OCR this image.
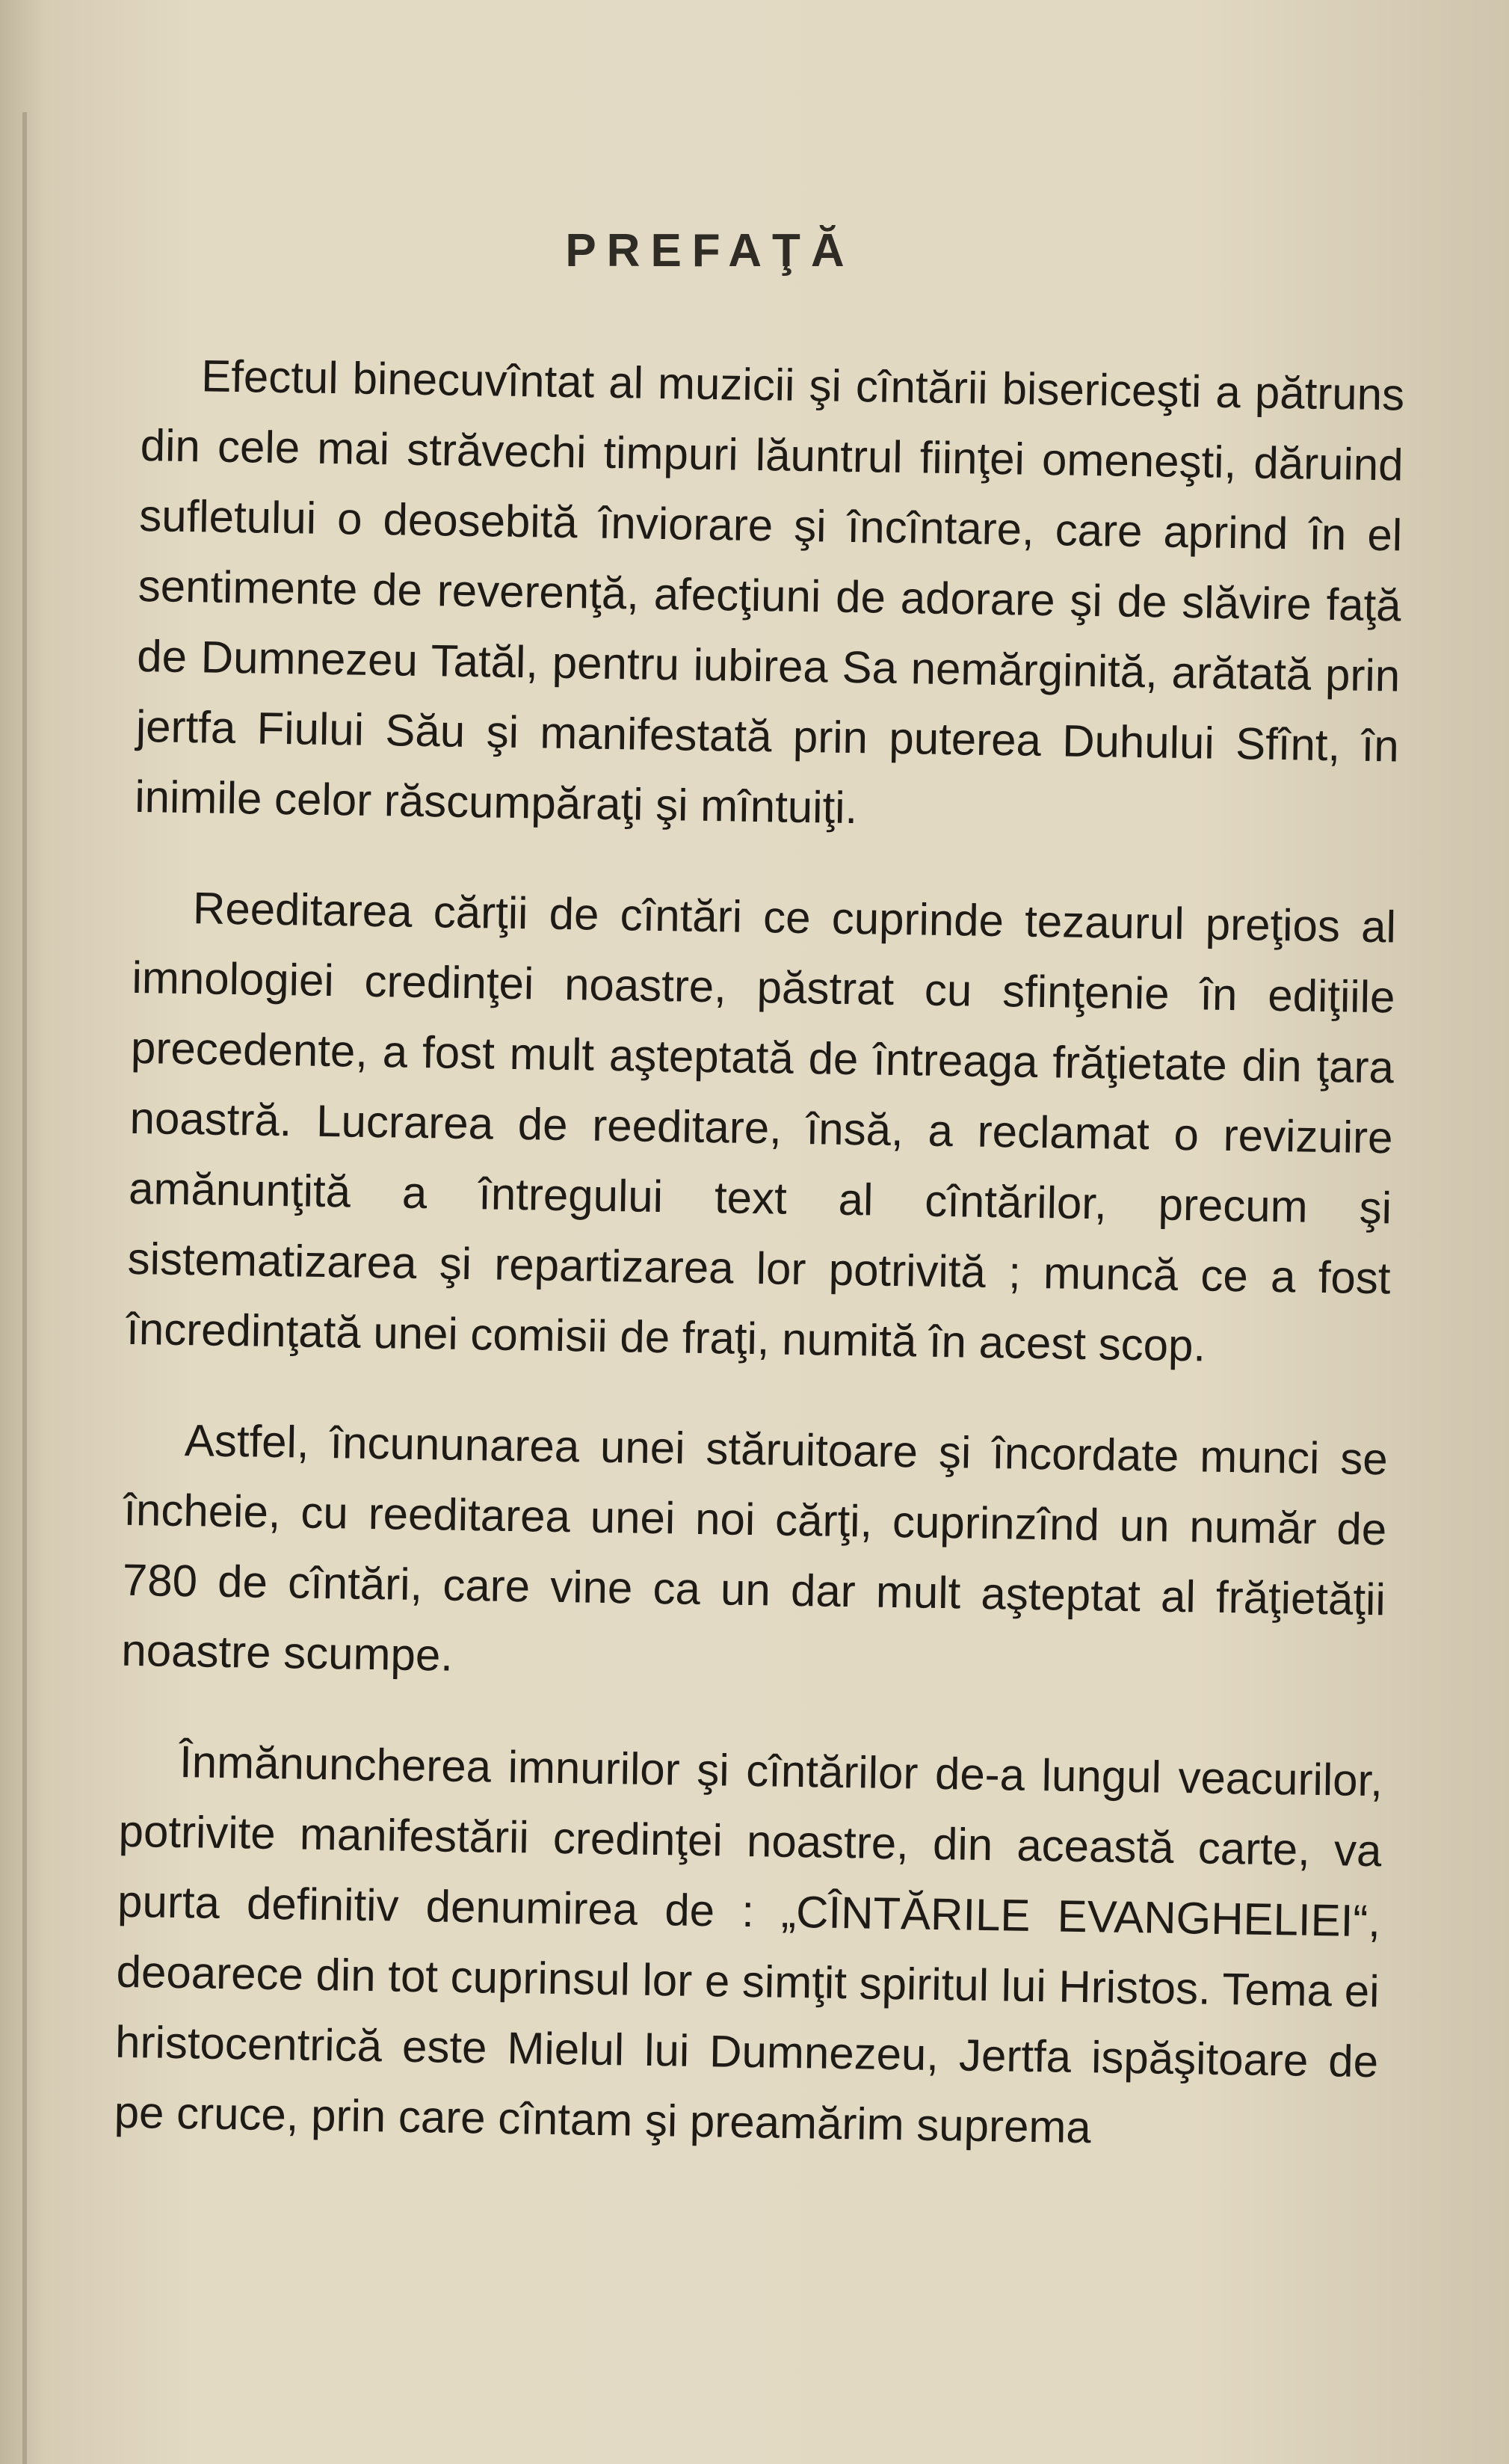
PREFAŢĂ

Efectul binecuvîntat al muzicii şi cîntării bisericeşti a pătruns din cele mai străvechi timpuri lăuntrul fiinţei omeneşti, dăruind sufletului o deosebită înviorare şi încîntare, care aprind în el sentimente de reverenţă, afecţiuni de adorare şi de slăvire faţă de Dumnezeu Tatăl, pentru iubirea Sa nemărginită, arătată prin jertfa Fiului Său şi manifestată prin puterea Duhului Sfînt, în inimile celor răscumpăraţi şi mîntuiţi.

Reeditarea cărţii de cîntări ce cuprinde tezaurul preţios al imnologiei credinţei noastre, păstrat cu sfinţenie în ediţiile precedente, a fost mult aşteptată de întreaga frăţietate din ţara noastră. Lucrarea de reeditare, însă, a reclamat o revizuire amănunţită a întregului text al cîntărilor, precum şi sistematizarea şi repartizarea lor potrivită ; muncă ce a fost încredinţată unei comisii de fraţi, numită în acest scop.

Astfel, încununarea unei stăruitoare şi încordate munci se încheie, cu reeditarea unei noi cărţi, cuprinzînd un număr de 780 de cîntări, care vine ca un dar mult aşteptat al frăţietăţii noastre scumpe.

Înmănuncherea imnurilor şi cîntărilor de-a lungul veacurilor, potrivite manifestării credinţei noastre, din această carte, va purta definitiv denumirea de : „CÎNTĂRILE EVANGHELIEI“, deoarece din tot cuprinsul lor e simţit spiritul lui Hristos. Tema ei hristocentrică este Mielul lui Dumnezeu, Jertfa ispăşitoare de pe cruce, prin care cîntam şi preamărim suprema
